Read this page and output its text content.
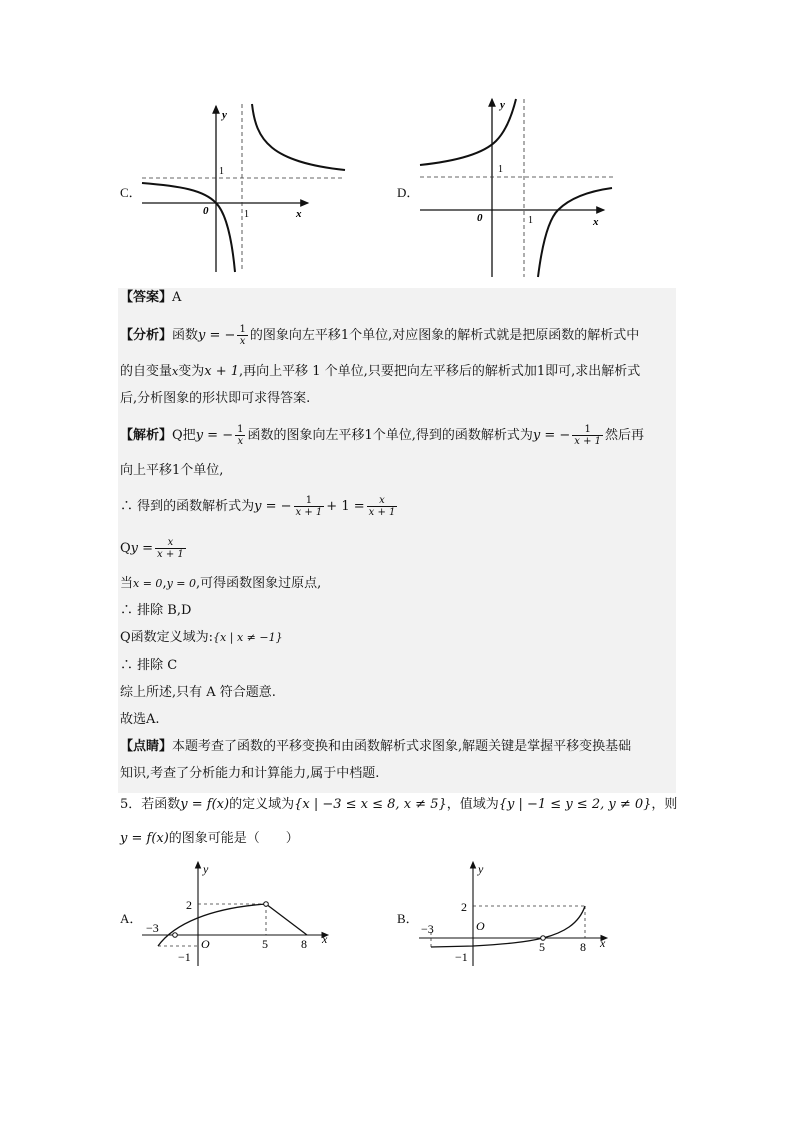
C．
y
x
1
1
0
D．
y
x
1
1
0
【答案】A
【分析】函数y = − $\frac{1}{x}$ 的图象向左平移1个单位,对应图象的解析式就是把原函数的解析式中
的自变量x变为x + 1,再向上平移 1 个单位,只要把向左平移后的解析式加1即可,求出解析式
后,分析图象的形状即可求得答案.
【解析】Q把y = − $\frac{1}{x}$ 函数的图象向左平移1个单位,得到的函数解析式为y = − $\frac{1}{x + 1}$ 然后再
向上平移1个单位,
∴ 得到的函数解析式为y = − $\frac{1}{x + 1} + 1 = \frac{x}{x + 1}$
$Qy = \frac{x}{x + 1}$
当x = 0,y = 0,可得函数图象过原点,
∴ 排除 B,D
Q函数定义域为:{x | x ≠ −1}
∴ 排除 C
综上所述,只有 A 符合题意.
故选A.
【点睛】本题考查了函数的平移变换和由函数解析式求图象,解题关键是掌握平移变换基础
知识,考查了分析能力和计算能力,属于中档题.
5．若函数y = f(x)的定义域为{x | −3 ≤ x ≤ 8, x ≠ 5}，值域为{y | −1 ≤ y ≤ 2, y ≠ 0}，则
y = f(x)的图象可能是（　　）
A．
y
x
2
−3
O	5	8
−1
B．
y
x
2
−3	O
5	8
−1
